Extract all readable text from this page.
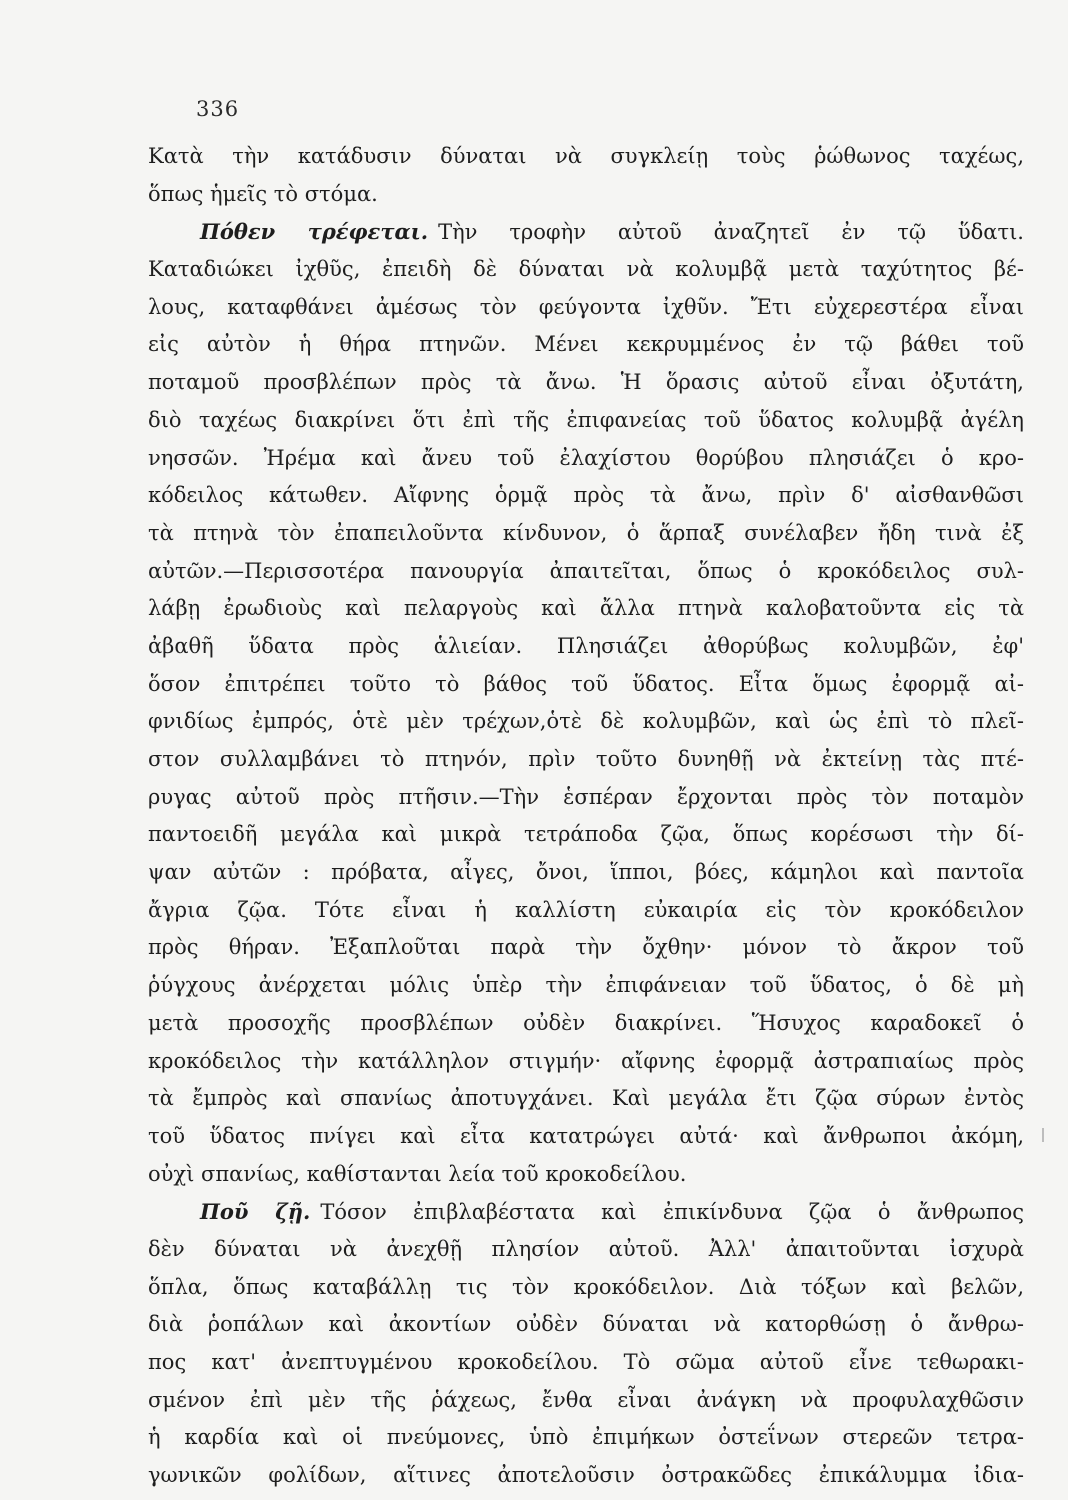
336
Κατὰ τὴν κατάδυσιν δύναται νὰ συγκλείῃ τοὺς ῥώθωνος ταχέως,
ὅπως ἡμεῖς τὸ στόμα.
Πόθεν τρέφεται. Τὴν τροφὴν αὐτοῦ ἀναζητεῖ ἐν τῷ ὕδατι.
Καταδιώκει ἰχθῦς, ἐπειδὴ δὲ δύναται νὰ κολυμβᾷ μετὰ ταχύτητος βέ-
λους, καταφθάνει ἀμέσως τὸν φεύγοντα ἰχθῦν. Ἔτι εὐχερεστέρα εἶναι
εἰς αὐτὸν ἡ θήρα πτηνῶν. Μένει κεκρυμμένος ἐν τῷ βάθει τοῦ
ποταμοῦ προσβλέπων πρὸς τὰ ἄνω. Ἡ ὅρασις αὐτοῦ εἶναι ὀξυτάτη,
διὸ ταχέως διακρίνει ὅτι ἐπὶ τῆς ἐπιφανείας τοῦ ὕδατος κολυμβᾷ ἀγέλη
νησσῶν. Ἠρέμα καὶ ἄνευ τοῦ ἐλαχίστου θορύβου πλησιάζει ὁ κρο-
κόδειλος κάτωθεν. Αἴφνης ὁρμᾷ πρὸς τὰ ἄνω, πρὶν δ' αἰσθανθῶσι
τὰ πτηνὰ τὸν ἐπαπειλοῦντα κίνδυνον, ὁ ἅρπαξ συνέλαβεν ἤδη τινὰ ἐξ
αὐτῶν.—Περισσοτέρα πανουργία ἀπαιτεῖται, ὅπως ὁ κροκόδειλος συλ-
λάβῃ ἐρωδιοὺς καὶ πελαργοὺς καὶ ἄλλα πτηνὰ καλοβατοῦντα εἰς τὰ
ἀβαθῆ ὕδατα πρὸς ἁλιείαν. Πλησιάζει ἀθορύβως κολυμβῶν, ἐφ'
ὅσον ἐπιτρέπει τοῦτο τὸ βάθος τοῦ ὕδατος. Εἶτα ὅμως ἐφορμᾷ αἰ-
φνιδίως ἐμπρός, ὁτὲ μὲν τρέχων,ὁτὲ δὲ κολυμβῶν, καὶ ὡς ἐπὶ τὸ πλεῖ-
στον συλλαμβάνει τὸ πτηνόν, πρὶν τοῦτο δυνηθῇ νὰ ἐκτείνῃ τὰς πτέ-
ρυγας αὐτοῦ πρὸς πτῆσιν.—Τὴν ἑσπέραν ἔρχονται πρὸς τὸν ποταμὸν
παντοειδῆ μεγάλα καὶ μικρὰ τετράποδα ζῷα, ὅπως κορέσωσι τὴν δί-
ψαν αὐτῶν : πρόβατα, αἶγες, ὄνοι, ἵπποι, βόες, κάμηλοι καὶ παντοῖα
ἄγρια ζῷα. Τότε εἶναι ἡ καλλίστη εὐκαιρία εἰς τὸν κροκόδειλον
πρὸς θήραν. Ἐξαπλοῦται παρὰ τὴν ὄχθην· μόνον τὸ ἄκρον τοῦ
ῥύγχους ἀνέρχεται μόλις ὑπὲρ τὴν ἐπιφάνειαν τοῦ ὕδατος, ὁ δὲ μὴ
μετὰ προσοχῆς προσβλέπων οὐδὲν διακρίνει. Ἥσυχος καραδοκεῖ ὁ
κροκόδειλος τὴν κατάλληλον στιγμήν· αἴφνης ἐφορμᾷ ἀστραπιαίως πρὸς
τὰ ἔμπρὸς καὶ σπανίως ἀποτυγχάνει. Καὶ μεγάλα ἔτι ζῷα σύρων ἐντὸς
τοῦ ὕδατος πνίγει καὶ εἶτα κατατρώγει αὐτά· καὶ ἄνθρωποι ἀκόμη,
οὐχὶ σπανίως, καθίστανται λεία τοῦ κροκοδείλου.
Ποῦ ζῇ. Τόσον ἐπιβλαβέστατα καὶ ἐπικίνδυνα ζῷα ὁ ἄνθρωπος
δὲν δύναται νὰ ἀνεχθῇ πλησίον αὐτοῦ. Ἀλλ' ἀπαιτοῦνται ἰσχυρὰ
ὅπλα, ὅπως καταβάλλῃ τις τὸν κροκόδειλον. Διὰ τόξων καὶ βελῶν,
διὰ ῥοπάλων καὶ ἀκοντίων οὐδὲν δύναται νὰ κατορθώσῃ ὁ ἄνθρω-
πος κατ' ἀνεπτυγμένου κροκοδείλου. Τὸ σῶμα αὐτοῦ εἶνε τεθωρακι-
σμένον ἐπὶ μὲν τῆς ῥάχεως, ἔνθα εἶναι ἀνάγκη νὰ προφυλαχθῶσιν
ἡ καρδία καὶ οἱ πνεύμονες, ὑπὸ ἐπιμήκων ὀστεΐνων στερεῶν τετρα-
γωνικῶν φολίδων, αἵτινες ἀποτελοῦσιν ὀστρακῶδες ἐπικάλυμμα ἰδια-
